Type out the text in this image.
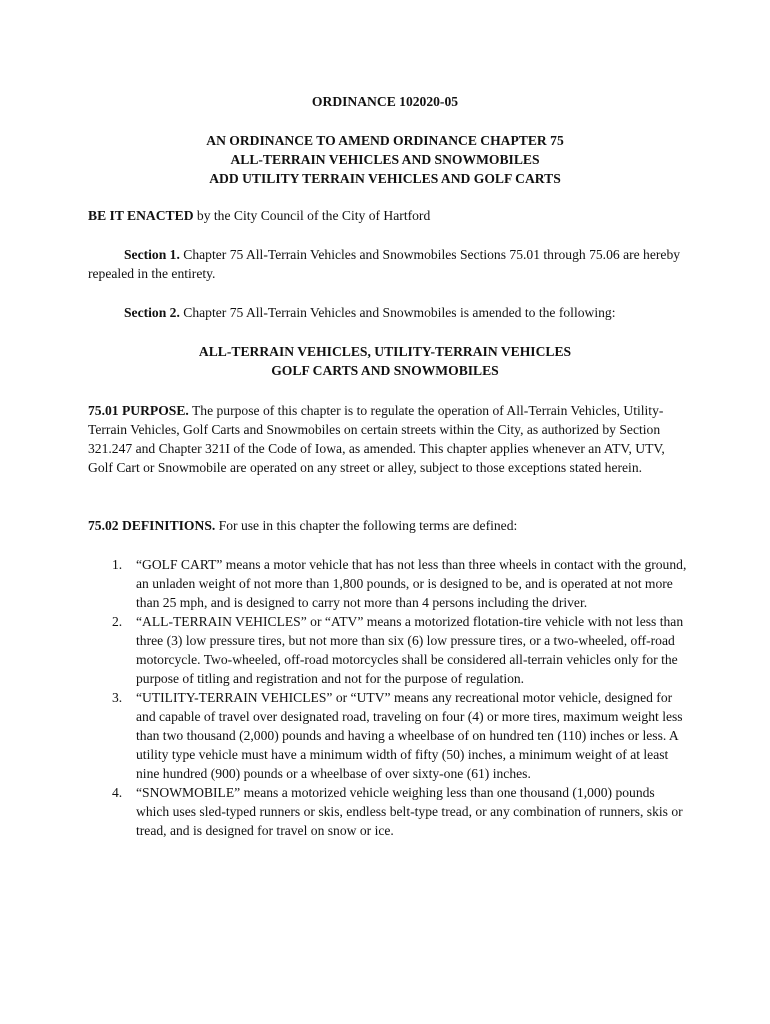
ORDINANCE 102020-05
AN ORDINANCE TO AMEND ORDINANCE CHAPTER 75
ALL-TERRAIN VEHICLES AND SNOWMOBILES
ADD UTILITY TERRAIN VEHICLES AND GOLF CARTS

BE IT ENACTED by the City Council of the City of Hartford

Section 1. Chapter 75 All-Terrain Vehicles and Snowmobiles Sections 75.01 through 75.06 are hereby repealed in the entirety.

Section 2. Chapter 75 All-Terrain Vehicles and Snowmobiles is amended to the following:

ALL-TERRAIN VEHICLES, UTILITY-TERRAIN VEHICLES
GOLF CARTS AND SNOWMOBILES

75.01 PURPOSE. The purpose of this chapter is to regulate the operation of All-Terrain Vehicles, Utility-Terrain Vehicles, Golf Carts and Snowmobiles on certain streets within the City, as authorized by Section 321.247 and Chapter 321I of the Code of Iowa, as amended. This chapter applies whenever an ATV, UTV, Golf Cart or Snowmobile are operated on any street or alley, subject to those exceptions stated herein.

75.02 DEFINITIONS. For use in this chapter the following terms are defined:

1. “GOLF CART” means a motor vehicle that has not less than three wheels in contact with the ground, an unladen weight of not more than 1,800 pounds, or is designed to be, and is operated at not more than 25 mph, and is designed to carry not more than 4 persons including the driver.
2. “ALL-TERRAIN VEHICLES” or “ATV” means a motorized flotation-tire vehicle with not less than three (3) low pressure tires, but not more than six (6) low pressure tires, or a two-wheeled, off-road motorcycle. Two-wheeled, off-road motorcycles shall be considered all-terrain vehicles only for the purpose of titling and registration and not for the purpose of regulation.
3. “UTILITY-TERRAIN VEHICLES” or “UTV” means any recreational motor vehicle, designed for and capable of travel over designated road, traveling on four (4) or more tires, maximum weight less than two thousand (2,000) pounds and having a wheelbase of on hundred ten (110) inches or less. A utility type vehicle must have a minimum width of fifty (50) inches, a minimum weight of at least nine hundred (900) pounds or a wheelbase of over sixty-one (61) inches.
4. “SNOWMOBILE” means a motorized vehicle weighing less than one thousand (1,000) pounds which uses sled-typed runners or skis, endless belt-type tread, or any combination of runners, skis or tread, and is designed for travel on snow or ice.
